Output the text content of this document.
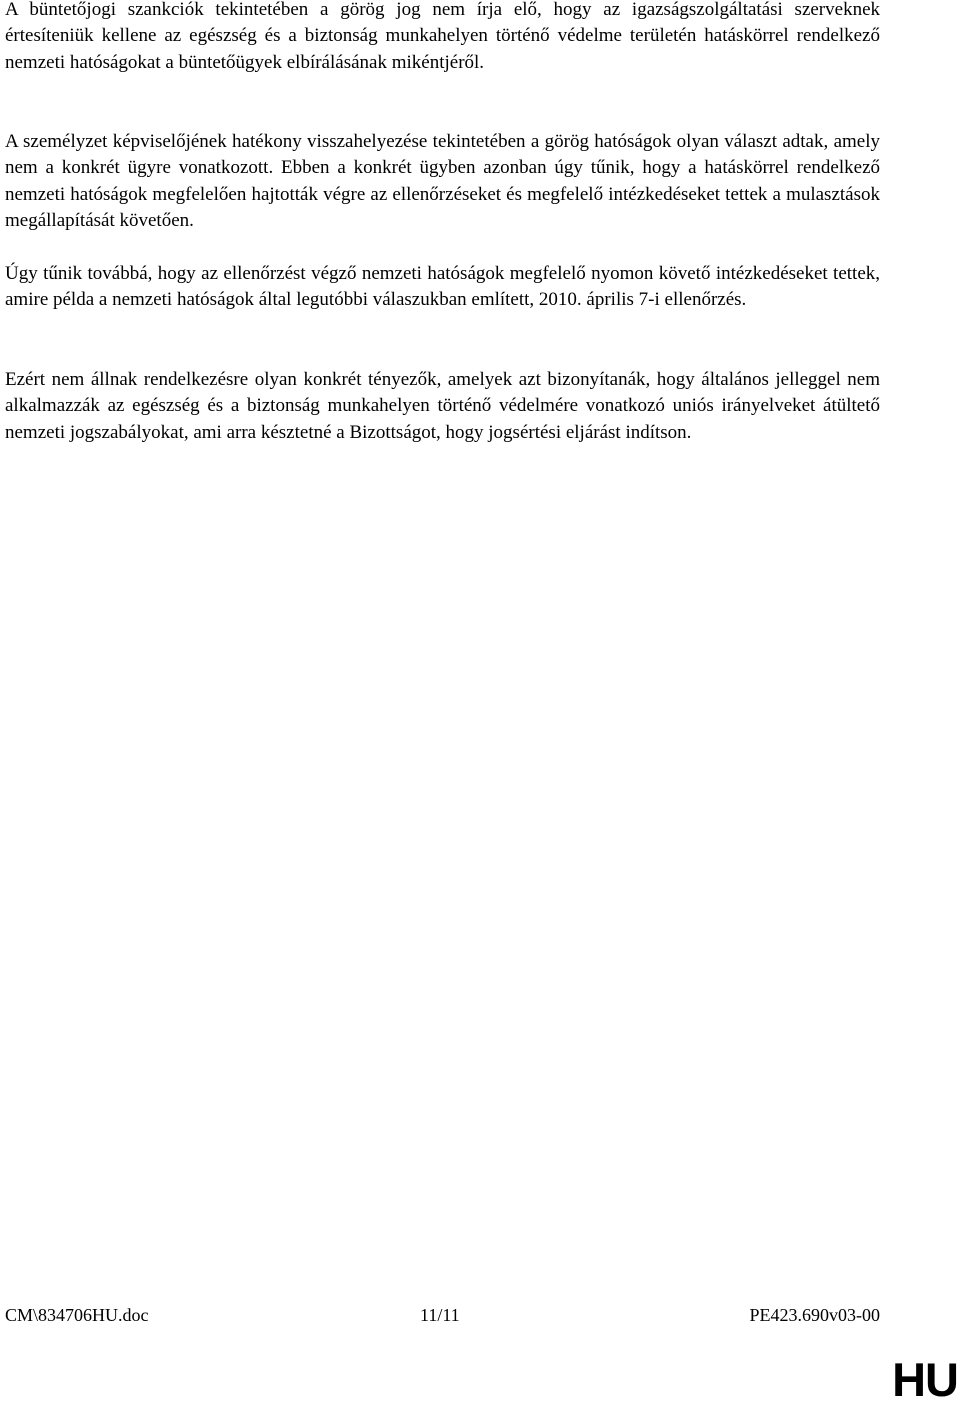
A büntetőjogi szankciók tekintetében a görög jog nem írja elő, hogy az igazságszolgáltatási szerveknek értesíteniük kellene az egészség és a biztonság munkahelyen történő védelme területén hatáskörrel rendelkező nemzeti hatóságokat a büntetőügyek elbírálásának mikéntjéről.

A személyzet képviselőjének hatékony visszahelyezése tekintetében a görög hatóságok olyan választ adtak, amely nem a konkrét ügyre vonatkozott. Ebben a konkrét ügyben azonban úgy tűnik, hogy a hatáskörrel rendelkező nemzeti hatóságok megfelelően hajtották végre az ellenőrzéseket és megfelelő intézkedéseket tettek a mulasztások megállapítását követően.

Úgy tűnik továbbá, hogy az ellenőrzést végző nemzeti hatóságok megfelelő nyomon követő intézkedéseket tettek, amire példa a nemzeti hatóságok által legutóbbi válaszukban említett, 2010. április 7-i ellenőrzés.

Ezért nem állnak rendelkezésre olyan konkrét tényezők, amelyek azt bizonyítanák, hogy általános jelleggel nem alkalmazzák az egészség és a biztonság munkahelyen történő védelmére vonatkozó uniós irányelveket átültető nemzeti jogszabályokat, ami arra késztetné a Bizottságot, hogy jogsértési eljárást indítson.

CM\834706HU.doc	11/11	PE423.690v03-00
HU
